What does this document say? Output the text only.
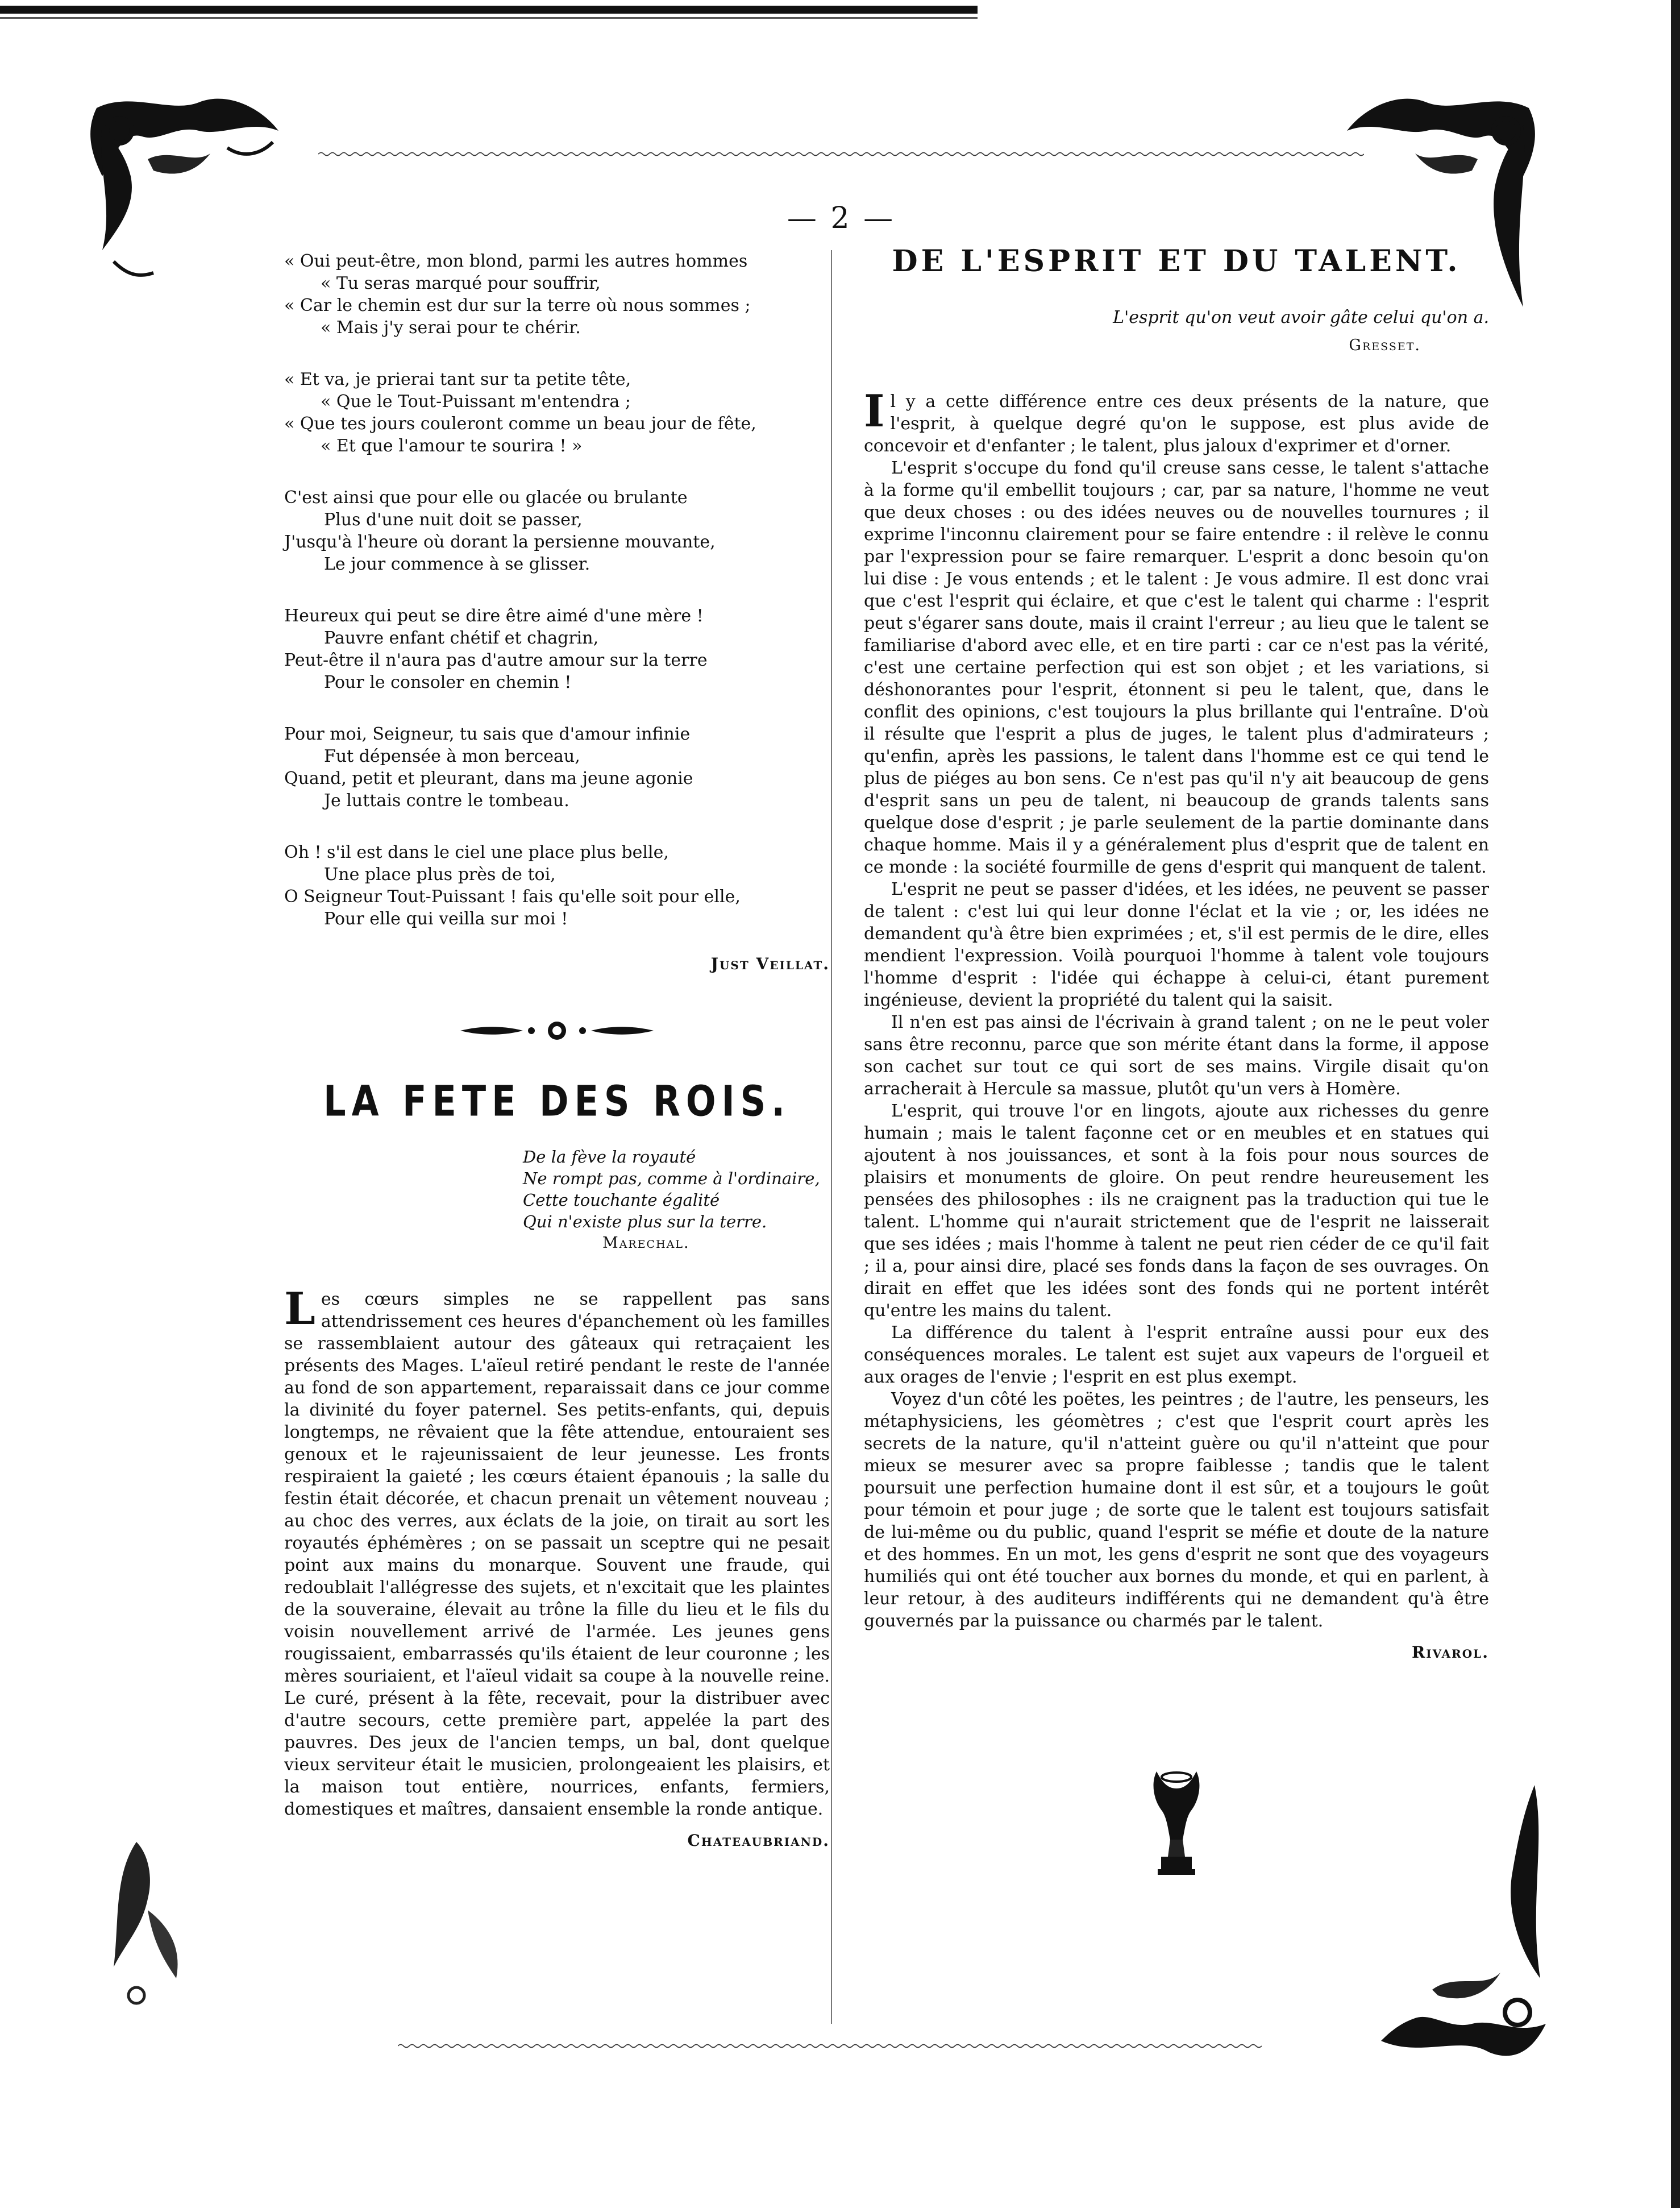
— 2 —
« Oui peut-être, mon blond, parmi les autres hommes
« Tu seras marqué pour souffrir,
« Car le chemin est dur sur la terre où nous sommes ;
« Mais j'y serai pour te chérir.
« Et va, je prierai tant sur ta petite tête,
« Que le Tout-Puissant m'entendra ;
« Que tes jours couleront comme un beau jour de fête,
« Et que l'amour te sourira ! »
C'est ainsi que pour elle ou glacée ou brulante
Plus d'une nuit doit se passer,
J'usqu'à l'heure où dorant la persienne mouvante,
Le jour commence à se glisser.
Heureux qui peut se dire être aimé d'une mère !
Pauvre enfant chétif et chagrin,
Peut-être il n'aura pas d'autre amour sur la terre
Pour le consoler en chemin !
Pour moi, Seigneur, tu sais que d'amour infinie
Fut dépensée à mon berceau,
Quand, petit et pleurant, dans ma jeune agonie
Je luttais contre le tombeau.
Oh ! s'il est dans le ciel une place plus belle,
Une place plus près de toi,
O Seigneur Tout-Puissant ! fais qu'elle soit pour elle,
Pour elle qui veilla sur moi !
Just Veillat.
LA FETE DES ROIS.
De la fève la royauté
Ne rompt pas, comme à l'ordinaire,
Cette touchante égalité
Qui n'existe plus sur la terre.
Marechal.

Les cœurs simples ne se rappellent pas sans attendrissement ces heures d'épanchement où les familles se rassemblaient autour des gâteaux qui retraçaient les présents des Mages. L'aïeul retiré pendant le reste de l'année au fond de son appartement, reparaissait dans ce jour comme la divinité du foyer paternel. Ses petits-enfants, qui, depuis longtemps, ne rêvaient que la fête attendue, entouraient ses genoux et le rajeunissaient de leur jeunesse. Les fronts respiraient la gaieté ; les cœurs étaient épanouis ; la salle du festin était décorée, et chacun prenait un vêtement nouveau ; au choc des verres, aux éclats de la joie, on tirait au sort les royautés éphémères ; on se passait un sceptre qui ne pesait point aux mains du monarque. Souvent une fraude, qui redoublait l'allégresse des sujets, et n'excitait que les plaintes de la souveraine, élevait au trône la fille du lieu et le fils du voisin nouvellement arrivé de l'armée. Les jeunes gens rougissaient, embarrassés qu'ils étaient de leur couronne ; les mères souriaient, et l'aïeul vidait sa coupe à la nouvelle reine. Le curé, présent à la fête, recevait, pour la distribuer avec d'autre secours, cette première part, appelée la part des pauvres. Des jeux de l'ancien temps, un bal, dont quelque vieux serviteur était le musicien, prolongeaient les plaisirs, et la maison tout entière, nourrices, enfants, fermiers, domestiques et maîtres, dansaient ensemble la ronde antique.

Chateaubriand.
DE L'ESPRIT ET DU TALENT.
L'esprit qu'on veut avoir gâte celui qu'on a.
Gresset.

Il y a cette différence entre ces deux présents de la nature, que l'esprit, à quelque degré qu'on le suppose, est plus avide de concevoir et d'enfanter ; le talent, plus jaloux d'exprimer et d'orner.

L'esprit s'occupe du fond qu'il creuse sans cesse, le talent s'attache à la forme qu'il embellit toujours ; car, par sa nature, l'homme ne veut que deux choses : ou des idées neuves ou de nouvelles tournures ; il exprime l'inconnu clairement pour se faire entendre : il relève le connu par l'expression pour se faire remarquer. L'esprit a donc besoin qu'on lui dise : Je vous entends ; et le talent : Je vous admire. Il est donc vrai que c'est l'esprit qui éclaire, et que c'est le talent qui charme : l'esprit peut s'égarer sans doute, mais il craint l'erreur ; au lieu que le talent se familiarise d'abord avec elle, et en tire parti : car ce n'est pas la vérité, c'est une certaine perfection qui est son objet ; et les variations, si déshonorantes pour l'esprit, étonnent si peu le talent, que, dans le conflit des opinions, c'est toujours la plus brillante qui l'entraîne. D'où il résulte que l'esprit a plus de juges, le talent plus d'admirateurs ; qu'enfin, après les passions, le talent dans l'homme est ce qui tend le plus de piéges au bon sens. Ce n'est pas qu'il n'y ait beaucoup de gens d'esprit sans un peu de talent, ni beaucoup de grands talents sans quelque dose d'esprit ; je parle seulement de la partie dominante dans chaque homme. Mais il y a généralement plus d'esprit que de talent en ce monde : la société fourmille de gens d'esprit qui manquent de talent.

L'esprit ne peut se passer d'idées, et les idées, ne peuvent se passer de talent : c'est lui qui leur donne l'éclat et la vie ; or, les idées ne demandent qu'à être bien exprimées ; et, s'il est permis de le dire, elles mendient l'expression. Voilà pourquoi l'homme à talent vole toujours l'homme d'esprit : l'idée qui échappe à celui-ci, étant purement ingénieuse, devient la propriété du talent qui la saisit.

Il n'en est pas ainsi de l'écrivain à grand talent ; on ne le peut voler sans être reconnu, parce que son mérite étant dans la forme, il appose son cachet sur tout ce qui sort de ses mains. Virgile disait qu'on arracherait à Hercule sa massue, plutôt qu'un vers à Homère.

L'esprit, qui trouve l'or en lingots, ajoute aux richesses du genre humain ; mais le talent façonne cet or en meubles et en statues qui ajoutent à nos jouissances, et sont à la fois pour nous sources de plaisirs et monuments de gloire. On peut rendre heureusement les pensées des philosophes : ils ne craignent pas la traduction qui tue le talent. L'homme qui n'aurait strictement que de l'esprit ne laisserait que ses idées ; mais l'homme à talent ne peut rien céder de ce qu'il fait ; il a, pour ainsi dire, placé ses fonds dans la façon de ses ouvrages. On dirait en effet que les idées sont des fonds qui ne portent intérêt qu'entre les mains du talent.

La différence du talent à l'esprit entraîne aussi pour eux des conséquences morales. Le talent est sujet aux vapeurs de l'orgueil et aux orages de l'envie ; l'esprit en est plus exempt.

Voyez d'un côté les poëtes, les peintres ; de l'autre, les penseurs, les métaphysiciens, les géomètres ; c'est que l'esprit court après les secrets de la nature, qu'il n'atteint guère ou qu'il n'atteint que pour mieux se mesurer avec sa propre faiblesse ; tandis que le talent poursuit une perfection humaine dont il est sûr, et a toujours le goût pour témoin et pour juge ; de sorte que le talent est toujours satisfait de lui-même ou du public, quand l'esprit se méfie et doute de la nature et des hommes. En un mot, les gens d'esprit ne sont que des voyageurs humiliés qui ont été toucher aux bornes du monde, et qui en parlent, à leur retour, à des auditeurs indifférents qui ne demandent qu'à être gouvernés par la puissance ou charmés par le talent.

Rivarol.
